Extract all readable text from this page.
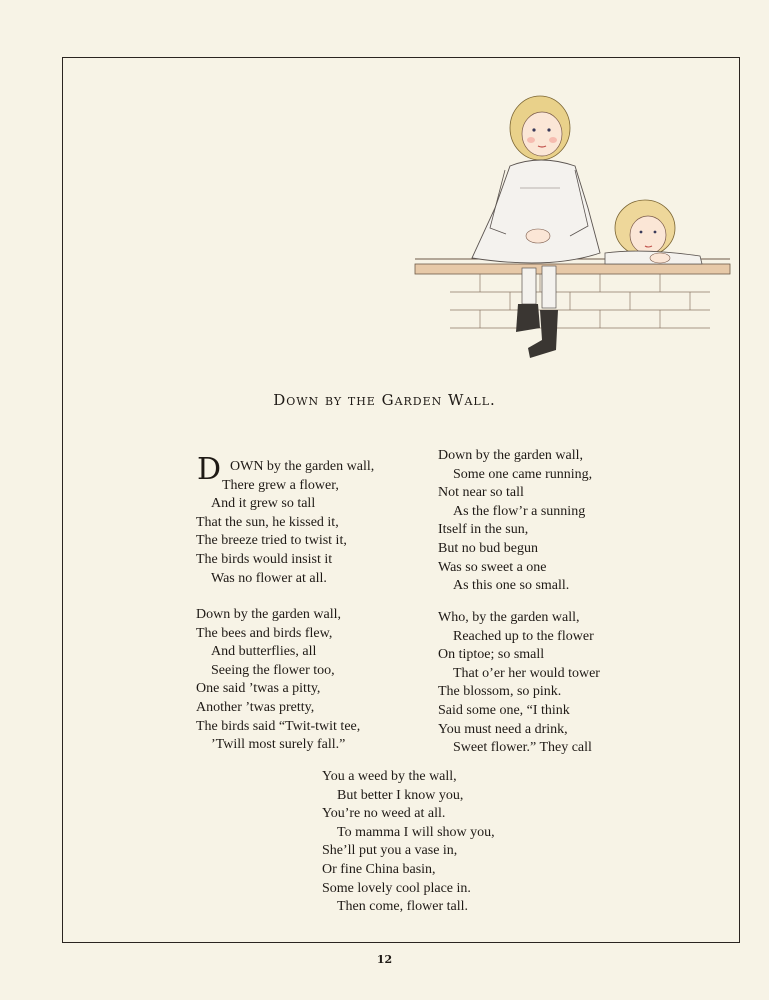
Down by the Garden Wall.
D OWN by the garden wall,
There grew a flower,
And it grew so tall
That the sun, he kissed it,
The breeze tried to twist it,
The birds would insist it
Was no flower at all.
Down by the garden wall,
The bees and birds flew,
And butterflies, all
Seeing the flower too,
One said ’twas a pitty,
Another ’twas pretty,
The birds said “Twit-twit tee,
’Twill most surely fall.”
Down by the garden wall,
Some one came running,
Not near so tall
As the flow’r a sunning
Itself in the sun,
But no bud begun
Was so sweet a one
As this one so small.
Who, by the garden wall,
Reached up to the flower
On tiptoe; so small
That o’er her would tower
The blossom, so pink.
Said some one, “I think
You must need a drink,
Sweet flower.” They call
You a weed by the wall,
But better I know you,
You’re no weed at all.
To mamma I will show you,
She’ll put you a vase in,
Or fine China basin,
Some lovely cool place in.
Then come, flower tall.
12
